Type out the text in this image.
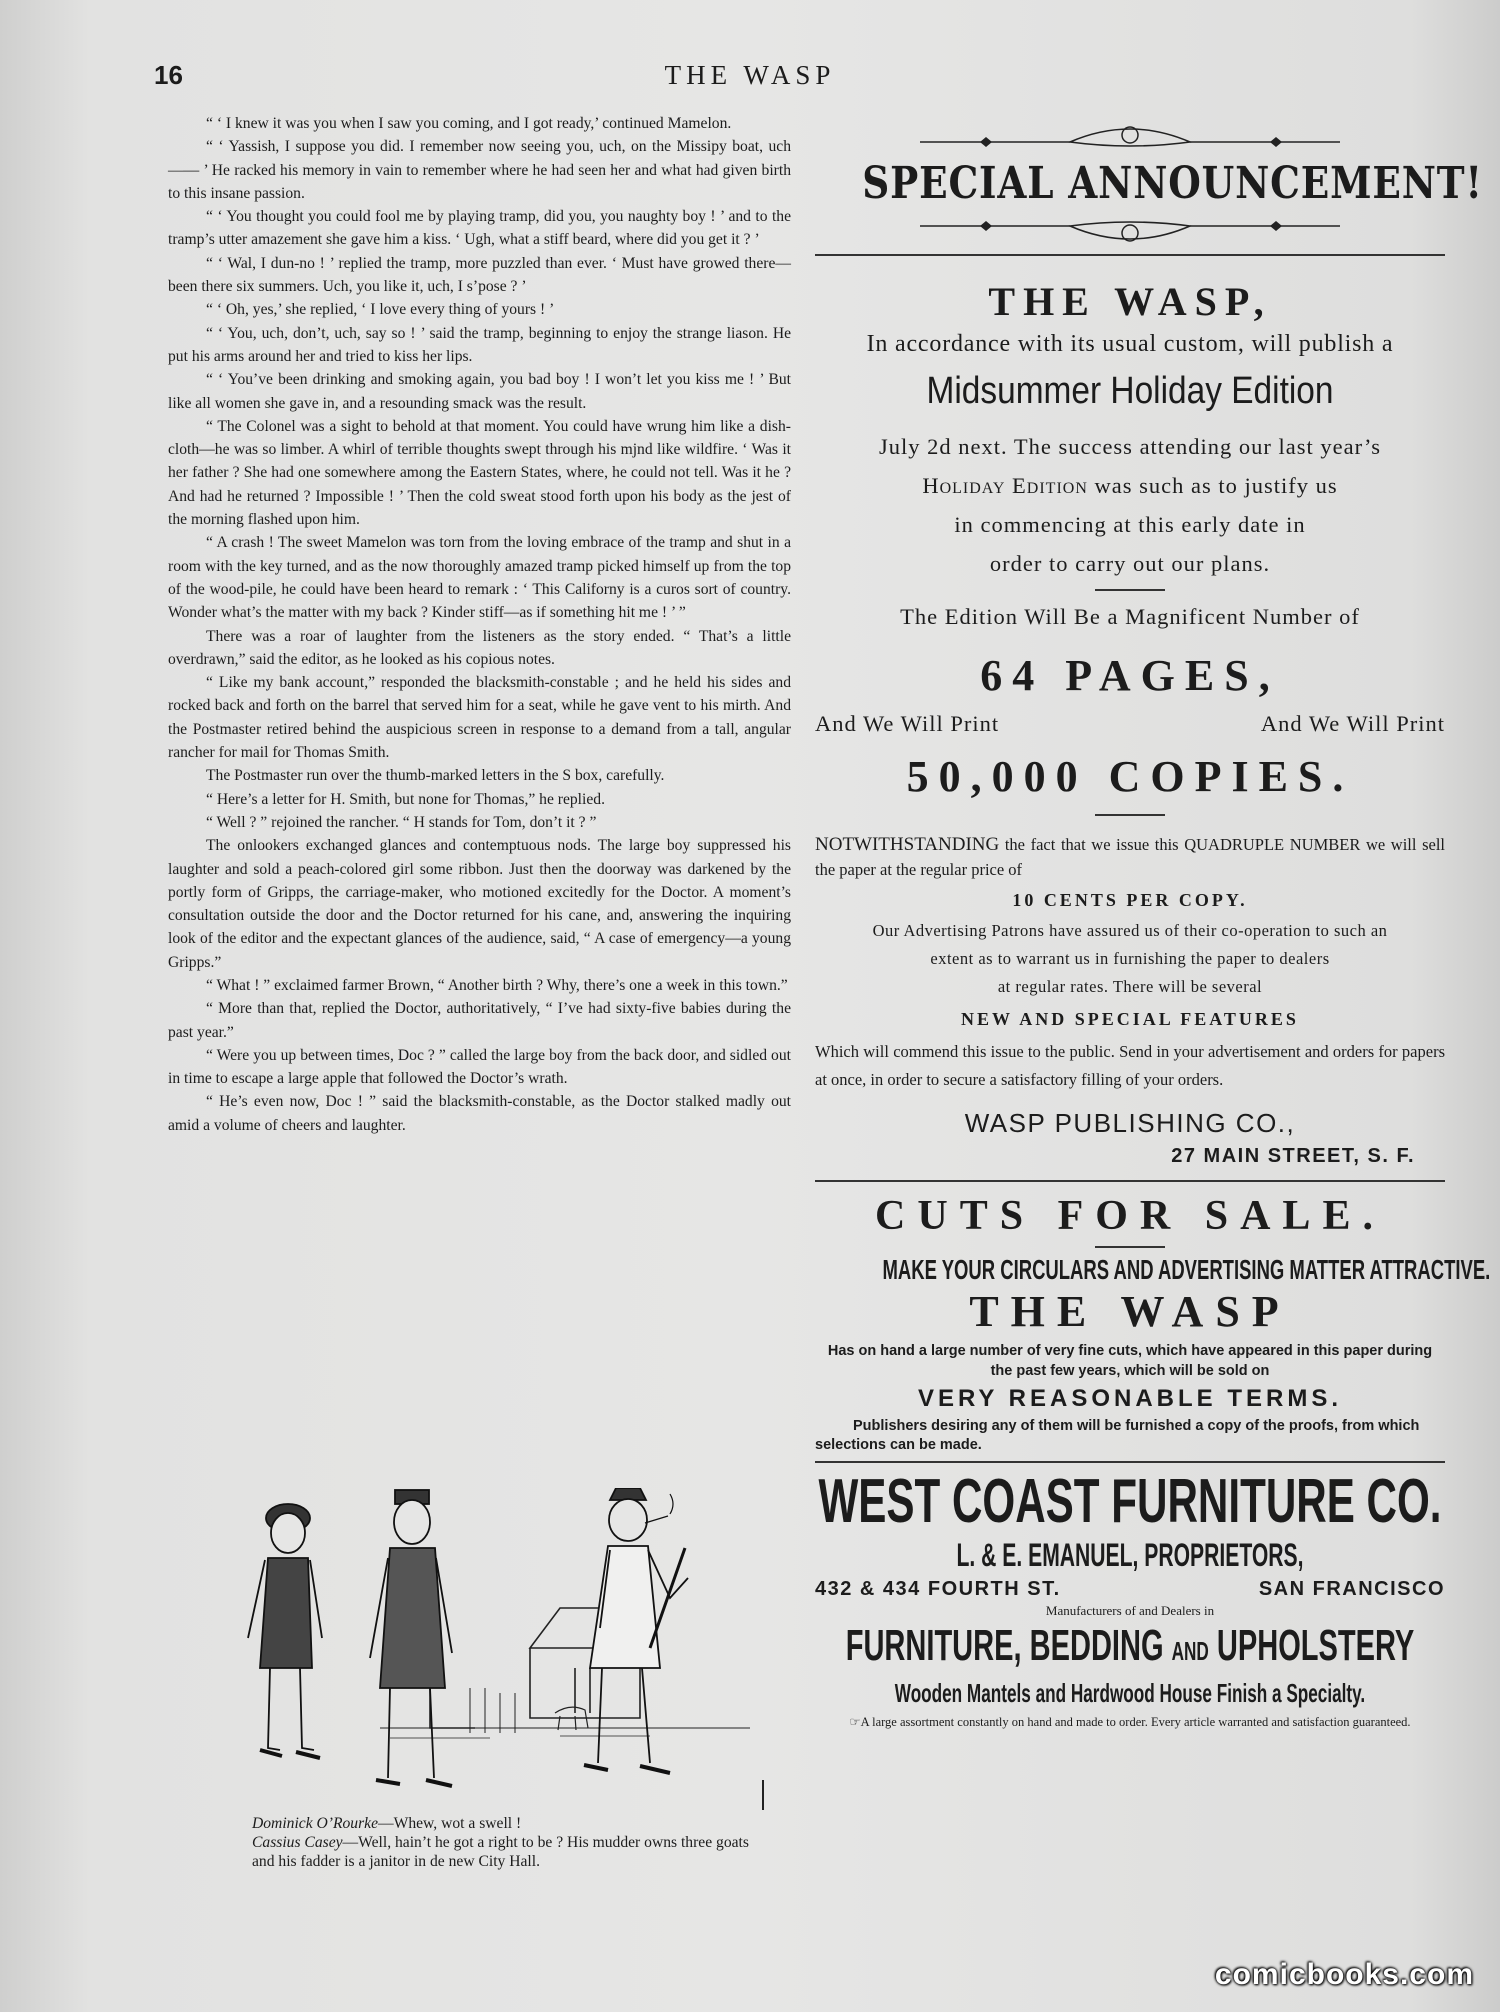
16	THE WASP

“ ‘ I knew it was you when I saw you coming, and I got ready,’ continued Mamelon.

“ ‘ Yassish, I suppose you did. I remember now seeing you, uch, on the Missipy boat, uch—— ’ He racked his memory in vain to remember where he had seen her and what had given birth to this insane passion.

“ ‘ You thought you could fool me by playing tramp, did you, you naughty boy ! ’ and to the tramp’s utter amazement she gave him a kiss. ‘ Ugh, what a stiff beard, where did you get it ? ’

“ ‘ Wal, I dun-no ! ’ replied the tramp, more puzzled than ever. ‘ Must have growed there—been there six summers. Uch, you like it, uch, I s’pose ? ’

“ ‘ Oh, yes,’ she replied, ‘ I love every thing of yours ! ’

“ ‘ You, uch, don’t, uch, say so ! ’ said the tramp, beginning to enjoy the strange liason. He put his arms around her and tried to kiss her lips.

“ ‘ You’ve been drinking and smoking again, you bad boy ! I won’t let you kiss me ! ’ But like all women she gave in, and a resounding smack was the result.

“ The Colonel was a sight to behold at that moment. You could have wrung him like a dish-cloth—he was so limber. A whirl of terrible thoughts swept through his mjnd like wildfire. ‘ Was it her father ? She had one somewhere among the Eastern States, where, he could not tell. Was it he ? And had he returned ? Impossible ! ’ Then the cold sweat stood forth upon his body as the jest of the morning flashed upon him.

“ A crash ! The sweet Mamelon was torn from the loving embrace of the tramp and shut in a room with the key turned, and as the now thoroughly amazed tramp picked himself up from the top of the wood-pile, he could have been heard to remark : ‘ This Californy is a curos sort of country. Wonder what’s the matter with my back ? Kinder stiff—as if something hit me ! ’ ”

There was a roar of laughter from the listeners as the story ended. “ That’s a little overdrawn,” said the editor, as he looked as his copious notes.

“ Like my bank account,” responded the blacksmith-constable ; and he held his sides and rocked back and forth on the barrel that served him for a seat, while he gave vent to his mirth. And the Postmaster retired behind the auspicious screen in response to a demand from a tall, angular rancher for mail for Thomas Smith.

The Postmaster run over the thumb-marked letters in the S box, carefully.

“ Here’s a letter for H. Smith, but none for Thomas,” he replied.

“ Well ? ” rejoined the rancher. “ H stands for Tom, don’t it ? ”

The onlookers exchanged glances and contemptuous nods. The large boy suppressed his laughter and sold a peach-colored girl some ribbon. Just then the doorway was darkened by the portly form of Gripps, the carriage-maker, who motioned excitedly for the Doctor. A moment’s consultation outside the door and the Doctor returned for his cane, and, answering the inquiring look of the editor and the expectant glances of the audience, said, “ A case of emergency—a young Gripps.”

“ What ! ” exclaimed farmer Brown, “ Another birth ? Why, there’s one a week in this town.”

“ More than that, replied the Doctor, authoritatively, “ I’ve had sixty-five babies during the past year.”

“ Were you up between times, Doc ? ” called the large boy from the back door, and sidled out in time to escape a large apple that followed the Doctor’s wrath.

“ He’s even now, Doc ! ” said the blacksmith-constable, as the Doctor stalked madly out amid a volume of cheers and laughter.

Dominick O’Rourke—Whew, wot a swell !

Cassius Casey—Well, hain’t he got a right to be ? His mudder owns three goats and his fadder is a janitor in de new City Hall.

SPECIAL ANNOUNCEMENT!
THE WASP,
In accordance with its usual custom, will publish a
Midsummer Holiday Edition
July 2d next. The success attending our last year’s
Holiday Edition was such as to justify us
in commencing at this early date in
order to carry out our plans.
The Edition Will Be a Magnificent Number of
64 PAGES,
And We Will Print	And We Will Print
50,000 COPIES.
NOTWITHSTANDING the fact that we issue this QUADRUPLE NUMBER we will sell the paper at the regular price of
10 CENTS PER COPY.
Our Advertising Patrons have assured us of their co-operation to such an
extent as to warrant us in furnishing the paper to dealers
at regular rates. There will be several
NEW AND SPECIAL FEATURES
Which will commend this issue to the public. Send in your advertisement and orders for papers at once, in order to secure a satisfactory filling of your orders.
WASP PUBLISHING CO.,
27 MAIN STREET, S. F.
CUTS FOR SALE.
MAKE YOUR CIRCULARS AND ADVERTISING MATTER ATTRACTIVE.
THE WASP
Has on hand a large number of very fine cuts, which have appeared in this paper during the past few years, which will be sold on
VERY REASONABLE TERMS.
Publishers desiring any of them will be furnished a copy of the proofs, from which selections can be made.
WEST COAST FURNITURE CO.
L. & E. EMANUEL, PROPRIETORS,
432 & 434 FOURTH ST.	SAN FRANCISCO
Manufacturers of and Dealers in
FURNITURE, BEDDING AND UPHOLSTERY
Wooden Mantels and Hardwood House Finish a Specialty.
☞A large assortment constantly on hand and made to order. Every article warranted and satisfaction guaranteed.
comicbooks.com
